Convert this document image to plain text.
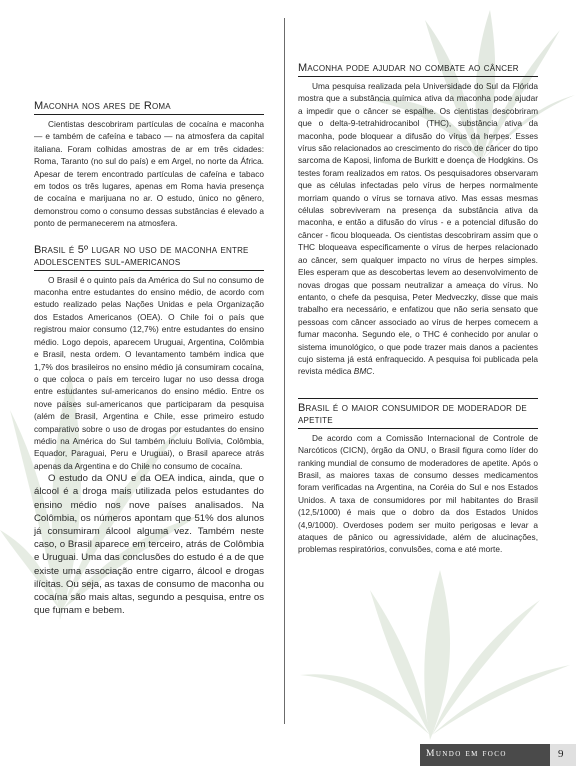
Maconha nos ares de Roma

Cientistas descobriram partículas de cocaína e maconha — e também de cafeína e tabaco — na atmosfera da capital italiana. Foram colhidas amostras de ar em três cidades: Roma, Taranto (no sul do país) e em Argel, no norte da África. Apesar de terem encontrado partículas de cafeína e tabaco em todos os três lugares, apenas em Roma havia presença de cocaína e marijuana no ar. O estudo, único no gênero, demonstrou como o consumo dessas substâncias é elevado a ponto de permanecerem na atmosfera.

Brasil é 5º lugar no uso de maconha entre adolescentes sul-americanos

O Brasil é o quinto país da América do Sul no consumo de maconha entre estudantes do ensino médio, de acordo com estudo realizado pelas Nações Unidas e pela Organização dos Estados Americanos (OEA). O Chile foi o país que registrou maior consumo (12,7%) entre estudantes do ensino médio. Logo depois, aparecem Uruguai, Argentina, Colômbia e Brasil, nesta ordem. O levantamento também indica que 1,7% dos brasileiros no ensino médio já consumiram cocaína, o que coloca o país em terceiro lugar no uso dessa droga entre estudantes sul-americanos do ensino médio. Entre os nove países sul-americanos que participaram da pesquisa (além de Brasil, Argentina e Chile, esse primeiro estudo comparativo sobre o uso de drogas por estudantes do ensino médio na América do Sul também incluiu Bolívia, Colômbia, Equador, Paraguai, Peru e Uruguai), o Brasil aparece atrás apenas da Argentina e do Chile no consumo de cocaína.

O estudo da ONU e da OEA indica, ainda, que o álcool é a droga mais utilizada pelos estudantes do ensino médio nos nove países analisados. Na Colômbia, os números apontam que 51% dos alunos já consumiram álcool alguma vez. Também neste caso, o Brasil aparece em terceiro, atrás de Colômbia e Uruguai. Uma das conclusões do estudo é a de que existe uma associação entre cigarro, álcool e drogas ilícitas. Ou seja, as taxas de consumo de maconha ou cocaína são mais altas, segundo a pesquisa, entre os que fumam e bebem.

Maconha pode ajudar no combate ao câncer

Uma pesquisa realizada pela Universidade do Sul da Flórida mostra que a substância química ativa da maconha pode ajudar a impedir que o câncer se espalhe. Os cientistas descobriram que o delta-9-tetrahidrocanibol (THC), substância ativa da maconha, pode bloquear a difusão do vírus da herpes. Esses vírus são relacionados ao crescimento do risco de câncer do tipo sarcoma de Kaposi, linfoma de Burkitt e doença de Hodgkins. Os testes foram realizados em ratos. Os pesquisadores observaram que as células infectadas pelo vírus de herpes normalmente morriam quando o vírus se tornava ativo. Mas essas mesmas células sobreviveram na presença da substância ativa da maconha, e então a difusão do vírus - e a potencial difusão do câncer - ficou bloqueada. Os cientistas descobriram assim que o THC bloqueava especificamente o vírus de herpes relacionado ao câncer, sem qualquer impacto no vírus de herpes simples. Eles esperam que as descobertas levem ao desenvolvimento de novas drogas que possam neutralizar a ameaça do vírus. No entanto, o chefe da pesquisa, Peter Medveczky, disse que mais trabalho era necessário, e enfatizou que não seria sensato que pessoas com câncer associado ao vírus de herpes comecem a fumar maconha. Segundo ele, o THC é conhecido por anular o sistema imunológico, o que pode trazer mais danos a pacientes cujo sistema já está enfraquecido. A pesquisa foi publicada pela revista médica BMC.

Brasil é o maior consumidor de moderador de apetite

De acordo com a Comissão Internacional de Controle de Narcóticos (CICN), órgão da ONU, o Brasil figura como líder do ranking mundial de consumo de moderadores de apetite. Após o Brasil, as maiores taxas de consumo desses medicamentos foram verificadas na Argentina, na Coréia do Sul e nos Estados Unidos. A taxa de consumidores por mil habitantes do Brasil (12,5/1000) é mais que o dobro da dos Estados Unidos (4,9/1000). Overdoses podem ser muito perigosas e levar a ataques de pânico ou agressividade, além de alucinações, problemas respiratórios, convulsões, coma e até morte.

Mundo em foco	9
